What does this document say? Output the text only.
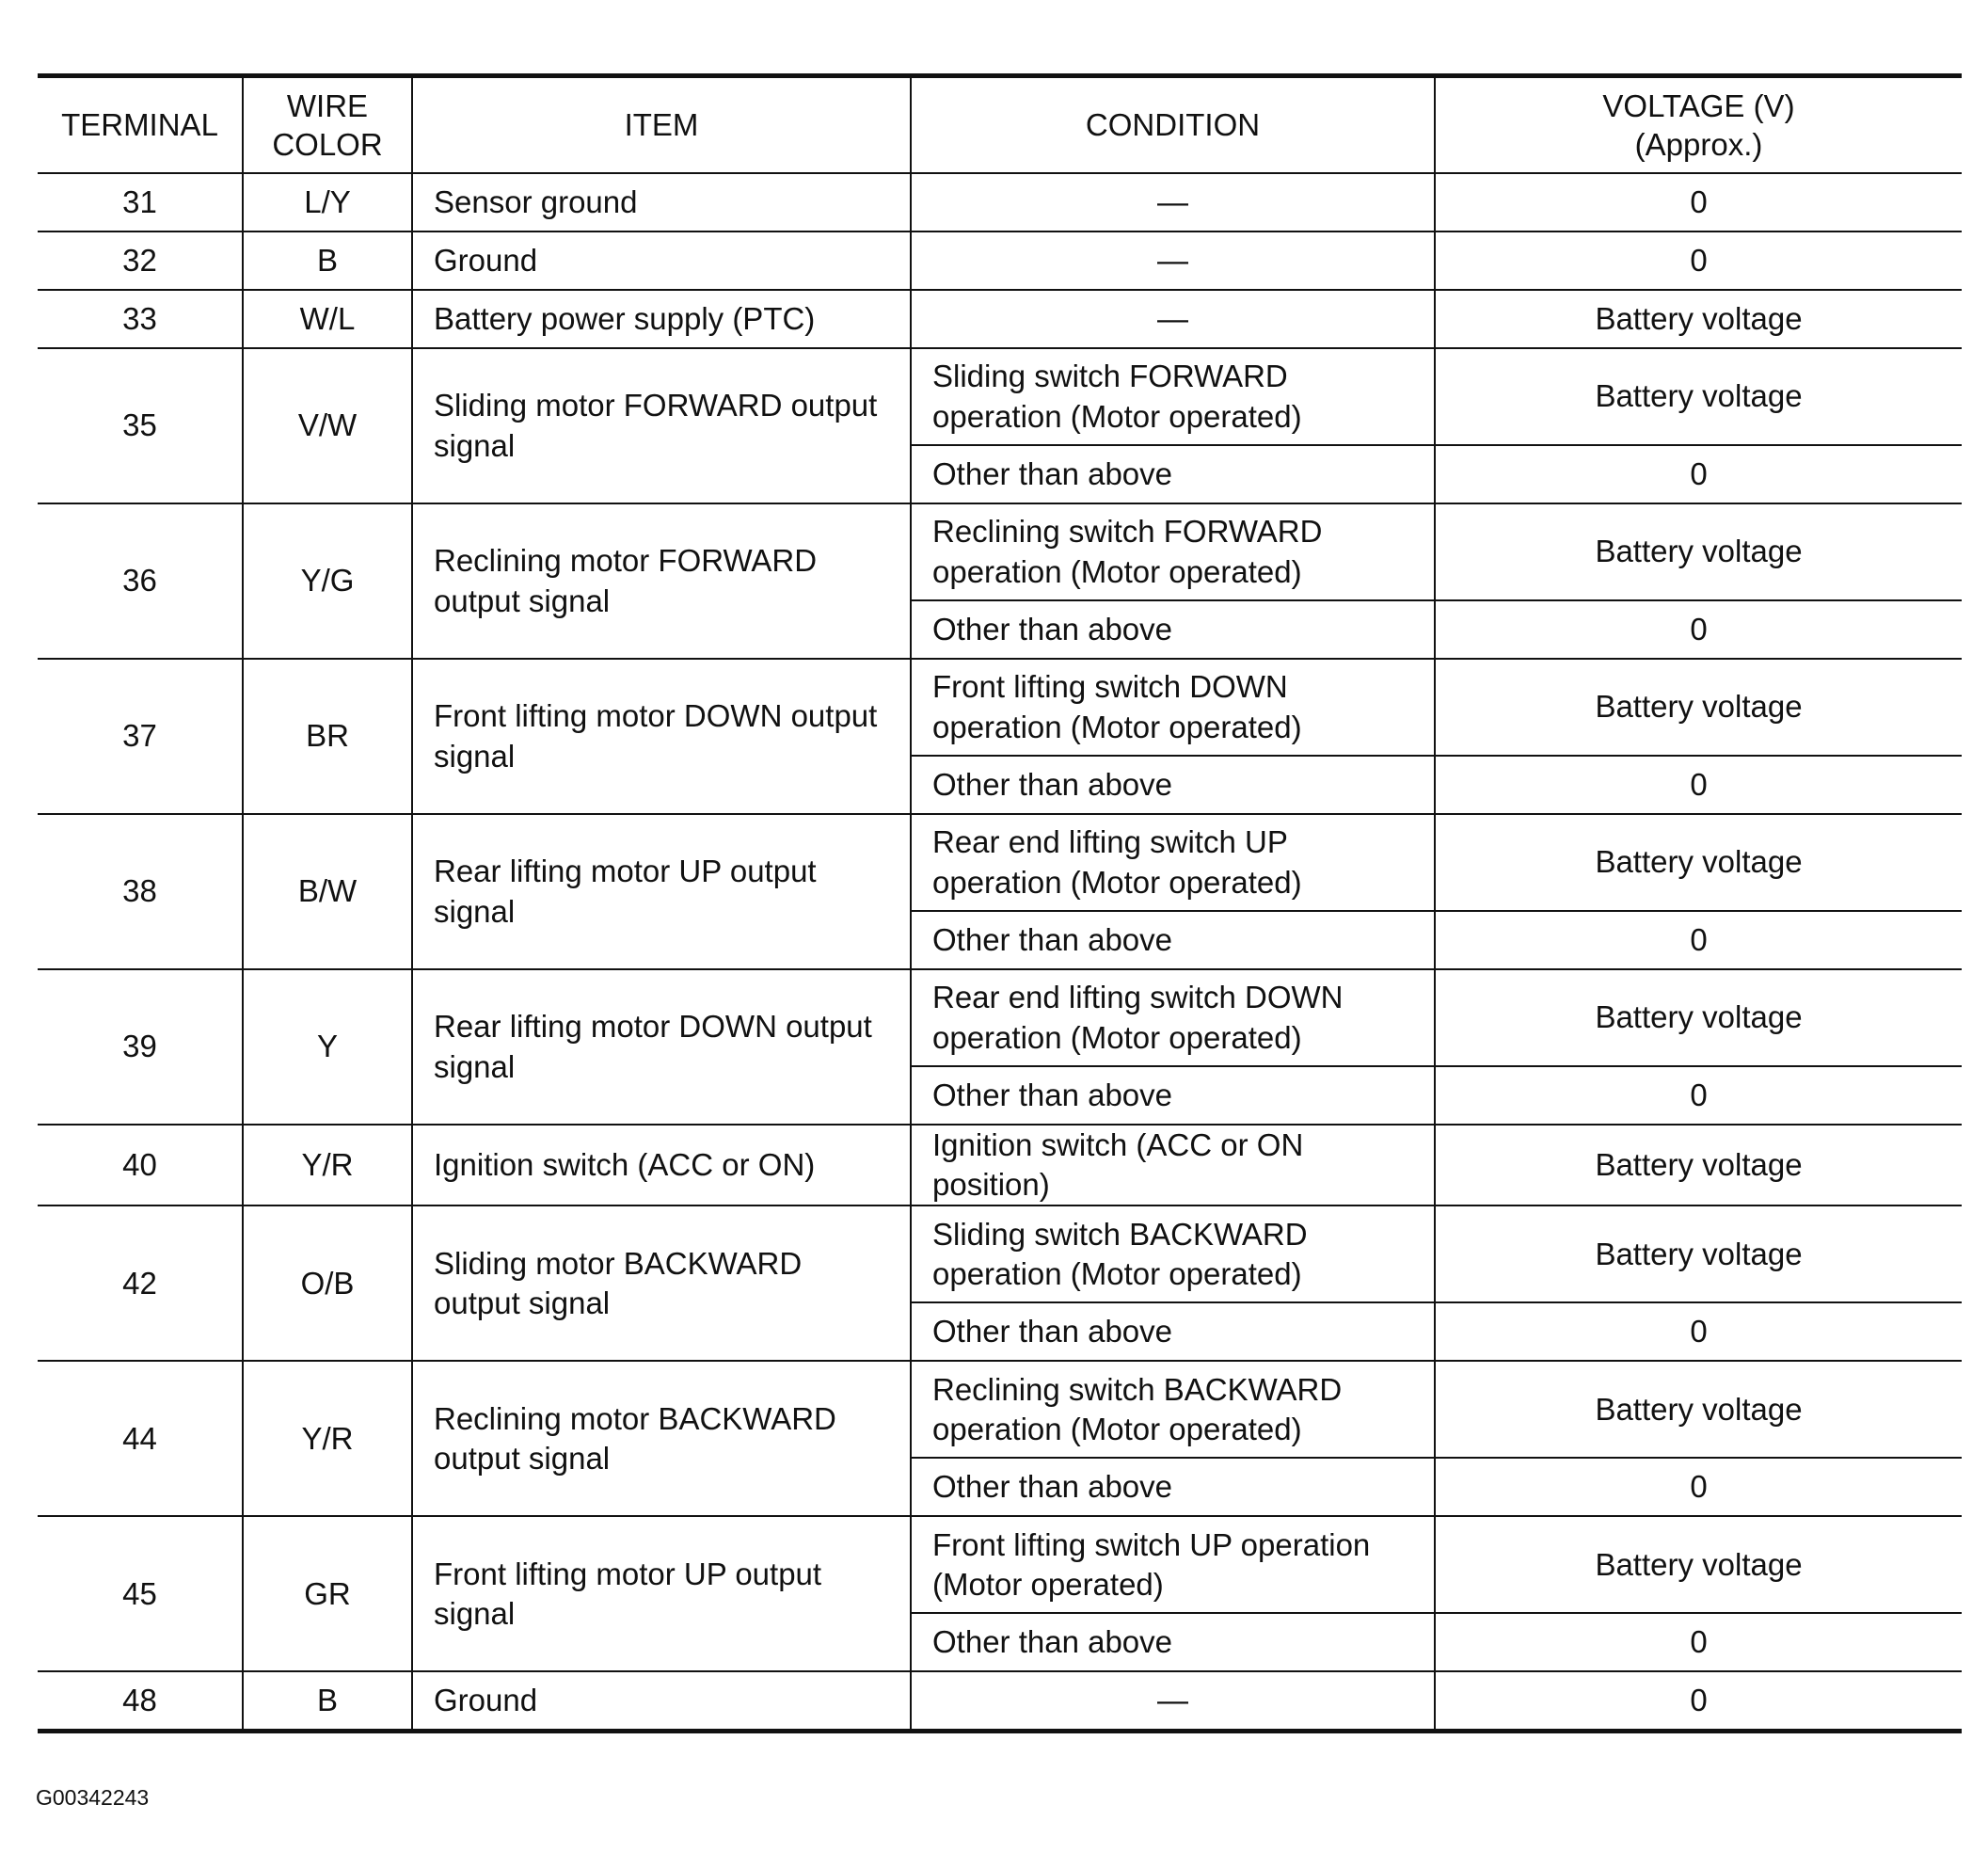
TERMINAL	WIRE COLOR	ITEM	CONDITION	VOLTAGE (V)
(Approx.)
31	L/Y	Sensor ground	—	0
32	B	Ground	—	0
33	W/L	Battery power supply (PTC)	—	Battery voltage
35	V/W	Sliding motor FORWARD output signal	Sliding switch FORWARD operation (Motor operated)	Battery voltage
			Other than above	0
36	Y/G	Reclining motor FORWARD output signal	Reclining switch FORWARD operation (Motor operated)	Battery voltage
			Other than above	0
37	BR	Front lifting motor DOWN output signal	Front lifting switch DOWN operation (Motor operated)	Battery voltage
			Other than above	0
38	B/W	Rear lifting motor UP output signal	Rear end lifting switch UP operation (Motor operated)	Battery voltage
			Other than above	0
39	Y	Rear lifting motor DOWN output signal	Rear end lifting switch DOWN operation (Motor operated)	Battery voltage
			Other than above	0
40	Y/R	Ignition switch (ACC or ON)	Ignition switch (ACC or ON position)	Battery voltage
42	O/B	Sliding motor BACKWARD output signal	Sliding switch BACKWARD operation (Motor operated)	Battery voltage
			Other than above	0
44	Y/R	Reclining motor BACKWARD output signal	Reclining switch BACKWARD operation (Motor operated)	Battery voltage
			Other than above	0
45	GR	Front lifting motor UP output signal	Front lifting switch UP operation (Motor operated)	Battery voltage
			Other than above	0
48	B	Ground	—	0
G00342243
